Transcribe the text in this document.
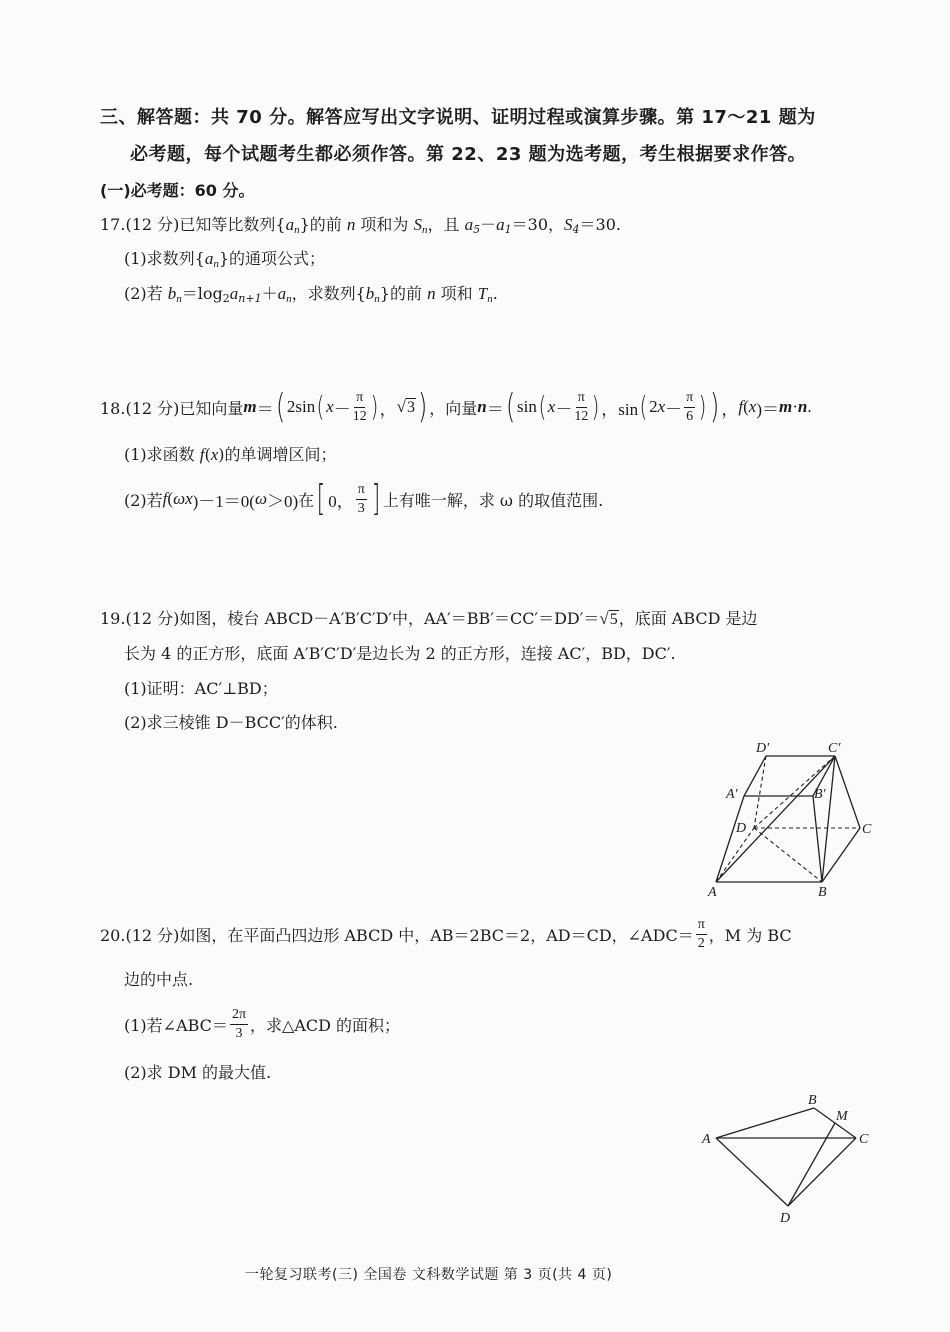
三、解答题：共 70 分。解答应写出文字说明、证明过程或演算步骤。第 17～21 题为
必考题，每个试题考生都必须作答。第 22、23 题为选考题，考生根据要求作答。
(一)必考题：60 分。
17.(12 分)已知等比数列$\{a_n\}$的前 n 项和为 $S_n$，且 $a_5-a_1=30$，$S_4=30$.
(1)求数列$\{a_n\}$的通项公式；
(2)若 $b_n=\log_2a_{n+1}+a_n$，求数列$\{b_n\}$的前 n 项和 $T_n$.
18.(12 分)已知向量 m ＝ ( 2sin ( $x - \frac{\pi}{12}$ ) ， √ 3 ) ，向量 n ＝ ( sin ( $x - \frac{\pi}{12}$ ) ，sin ( 2 $x - \frac{\pi}{6}$ ) ) ， f ( x )＝ m · n .
(1)求函数 f(x)的单调增区间；
(2)若 f ( ωx )－1＝0( ω ＞0) 在 [ 0， $\frac{\pi}{3}$ ] 上有唯一解，求 ω 的取值范围.
19.(12 分)如图，棱台 ABCD－A′B′C′D′中，AA′＝BB′＝CC′＝DD′＝√5，底面 ABCD 是边
长为 4 的正方形，底面 A′B′C′D′是边长为 2 的正方形，连接 AC′，BD，DC′.
(1)证明：AC′⊥BD；
(2)求三棱锥 D－BCC′的体积.
D′	C′
A′	B′
D	C
A	B
20.(12 分)如图，在平面凸四边形 ABCD 中，AB＝2BC＝2，AD＝CD，∠ADC＝ $\frac{\pi}{2}$ ，M 为 BC
边的中点.
(1)若∠ABC＝ $\frac{2\pi}{3}$ ，求△ACD 的面积；
(2)求 DM 的最大值.
B
M
A	C
D
一轮复习联考(三) 全国卷 文科数学试题 第 3 页(共 4 页)
